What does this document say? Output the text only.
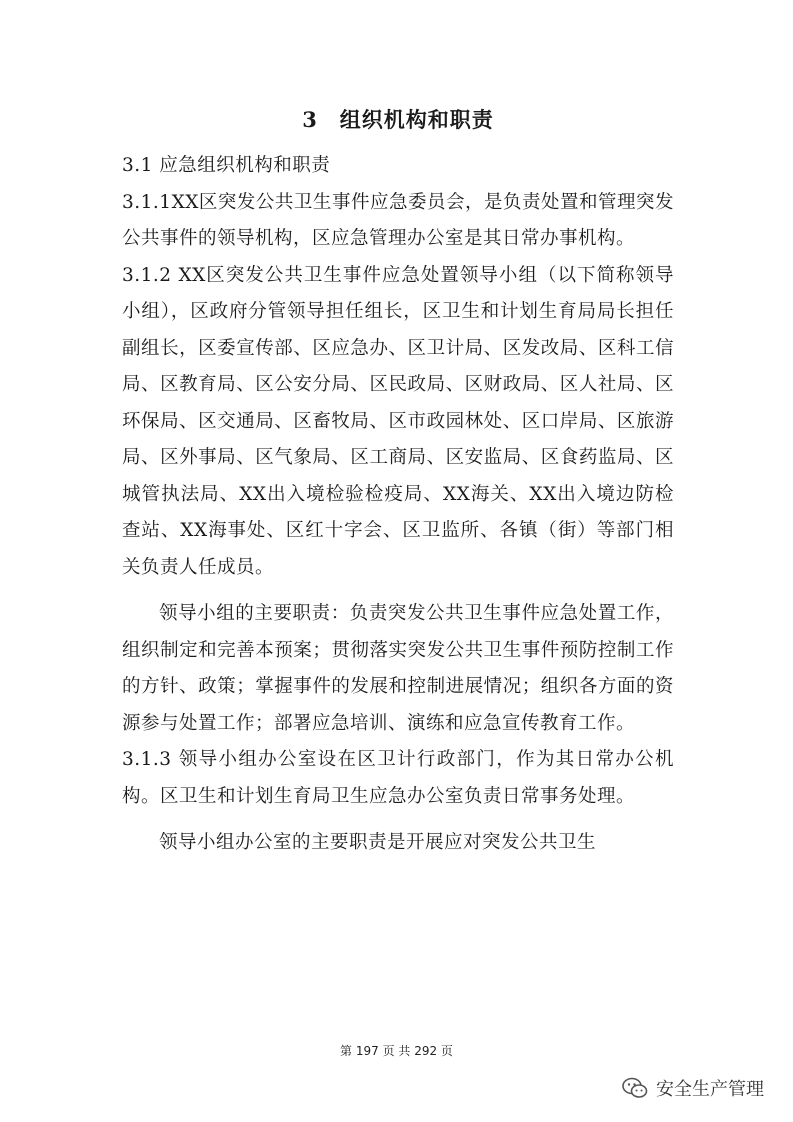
3　组织机构和职责

3.1 应急组织机构和职责

3.1.1XX区突发公共卫生事件应急委员会，是负责处置和管理突发公共事件的领导机构，区应急管理办公室是其日常办事机构。

3.1.2 XX区突发公共卫生事件应急处置领导小组（以下简称领导小组），区政府分管领导担任组长，区卫生和计划生育局局长担任副组长，区委宣传部、区应急办、区卫计局、区发改局、区科工信局、区教育局、区公安分局、区民政局、区财政局、区人社局、区环保局、区交通局、区畜牧局、区市政园林处、区口岸局、区旅游局、区外事局、区气象局、区工商局、区安监局、区食药监局、区城管执法局、XX出入境检验检疫局、XX海关、XX出入境边防检查站、XX海事处、区红十字会、区卫监所、各镇（街）等部门相关负责人任成员。

领导小组的主要职责：负责突发公共卫生事件应急处置工作，组织制定和完善本预案；贯彻落实突发公共卫生事件预防控制工作的方针、政策；掌握事件的发展和控制进展情况；组织各方面的资源参与处置工作；部署应急培训、演练和应急宣传教育工作。

3.1.3 领导小组办公室设在区卫计行政部门，作为其日常办公机构。区卫生和计划生育局卫生应急办公室负责日常事务处理。

领导小组办公室的主要职责是开展应对突发公共卫生

第 197 页 共 292 页
安全生产管理
